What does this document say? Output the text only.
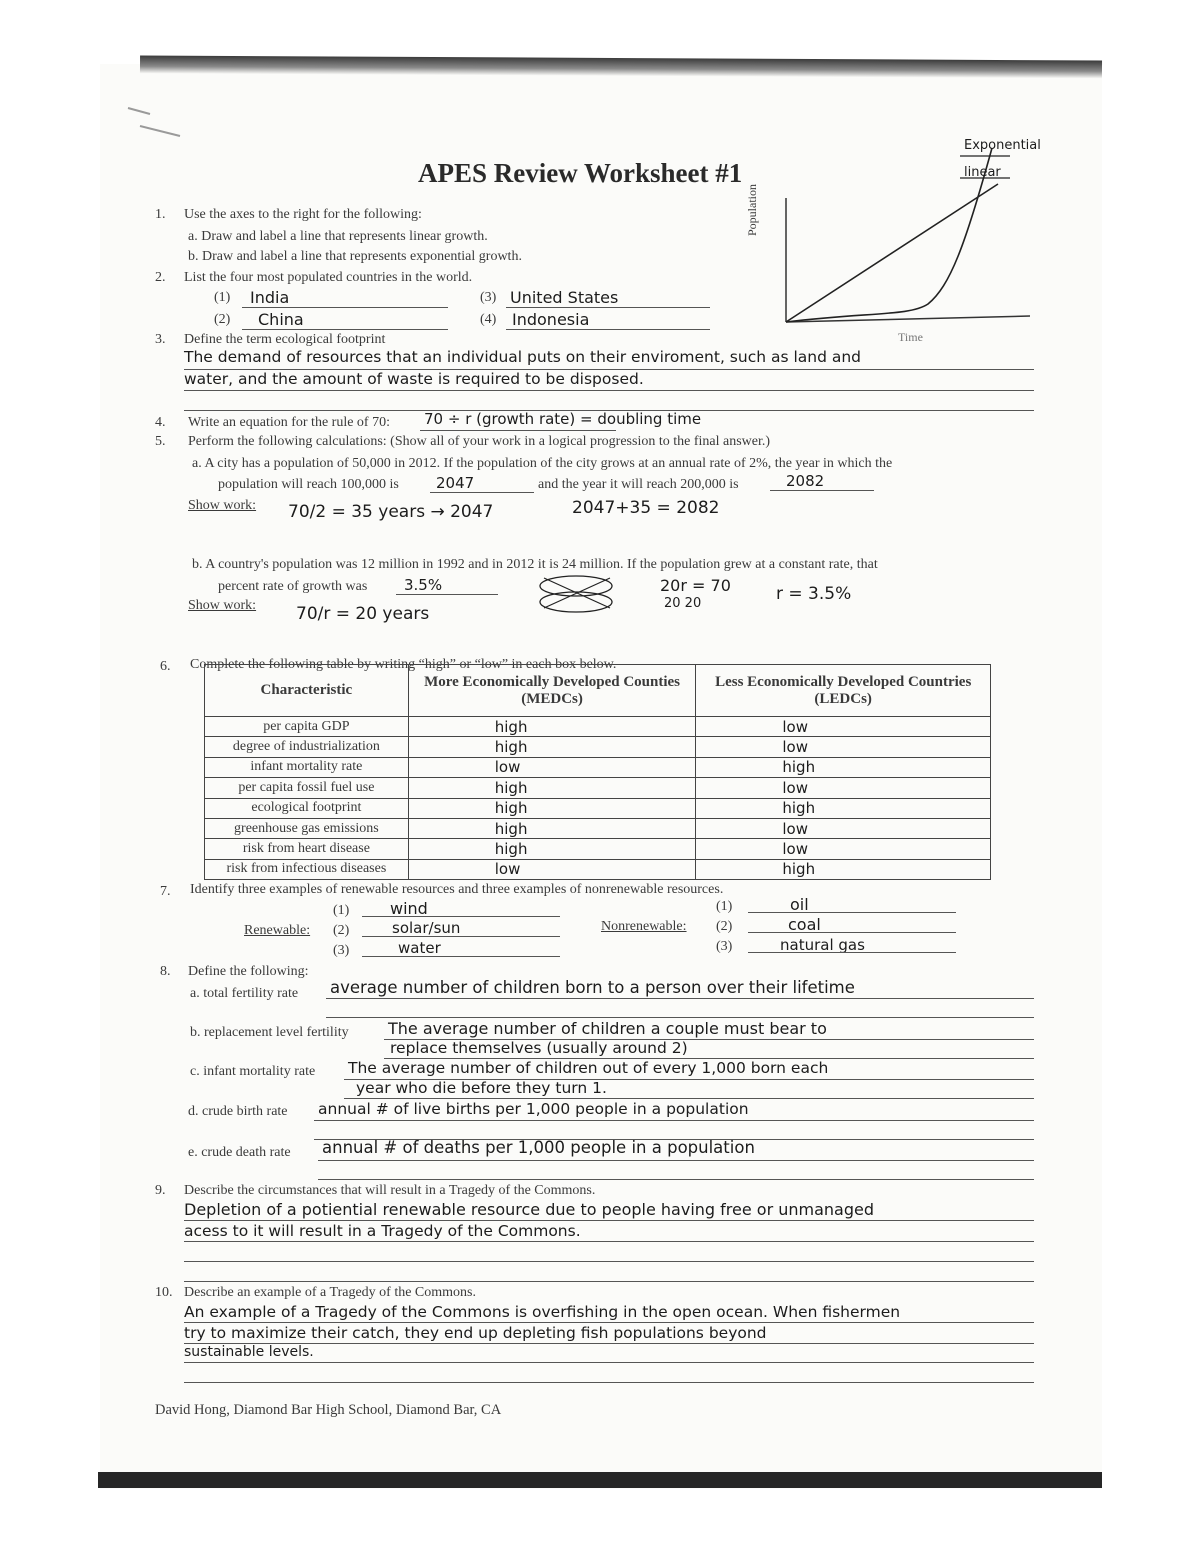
APES Review Worksheet #1
Population
Time
Exponential
linear
1. Use the axes to the right for the following:
a. Draw and label a line that represents linear growth.
b. Draw and label a line that represents exponential growth.
2. List the four most populated countries in the world.
(1) India
(2) China
(3) United States
(4) Indonesia
3. Define the term ecological footprint
The demand of resources that an individual puts on their enviroment, such as land and
water, and the amount of waste is required to be disposed.
4. Write an equation for the rule of 70: 70 ÷ r (growth rate) = doubling time
5. Perform the following calculations: (Show all of your work in a logical progression to the final answer.)
a. A city has a population of 50,000 in 2012. If the population of the city grows at an annual rate of 2%, the year in which the
population will reach 100,000 is 2047	and the year it will reach 200,000 is	2082
Show work: 70/2 = 35 years → 2047	2047+35 = 2082
b. A country's population was 12 million in 1992 and in 2012 it is 24 million. If the population grew at a constant rate, that
percent rate of growth was 3.5%
Show work: 70/r = 20 years
20r = 70
20 20	r = 3.5%
6. Complete the following table by writing “high” or “low” in each box below.
Characteristic	More Economically Developed Counties (MEDCs)	Less Economically Developed Countries (LEDCs)
per capita GDP	high	low
degree of industrialization	high	low
infant mortality rate	low	high
per capita fossil fuel use	high	low
ecological footprint	high	high
greenhouse gas emissions	high	low
risk from heart disease	high	low
risk from infectious diseases	low	high
7. Identify three examples of renewable resources and three examples of nonrenewable resources.
(1)	wind
Renewable: (2)	solar/sun
(3)	water
(1)	oil
Nonrenewable: (2)	coal
(3)	natural gas
8. Define the following:
a. total fertility rate average number of children born to a person over their lifetime
b. replacement level fertility The average number of children a couple must bear to
replace themselves (usually around 2)
c. infant mortality rate The average number of children out of every 1,000 born each
year who die before they turn 1.
d. crude birth rate annual # of live births per 1,000 people in a population
e. crude death rate annual # of deaths per 1,000 people in a population
9. Describe the circumstances that will result in a Tragedy of the Commons.
Depletion of a potiential renewable resource due to people having free or unmanaged
acess to it will result in a Tragedy of the Commons.
10. Describe an example of a Tragedy of the Commons.
An example of a Tragedy of the Commons is overfishing in the open ocean. When fishermen
try to maximize their catch, they end up depleting fish populations beyond
sustainable levels.
David Hong, Diamond Bar High School, Diamond Bar, CA
